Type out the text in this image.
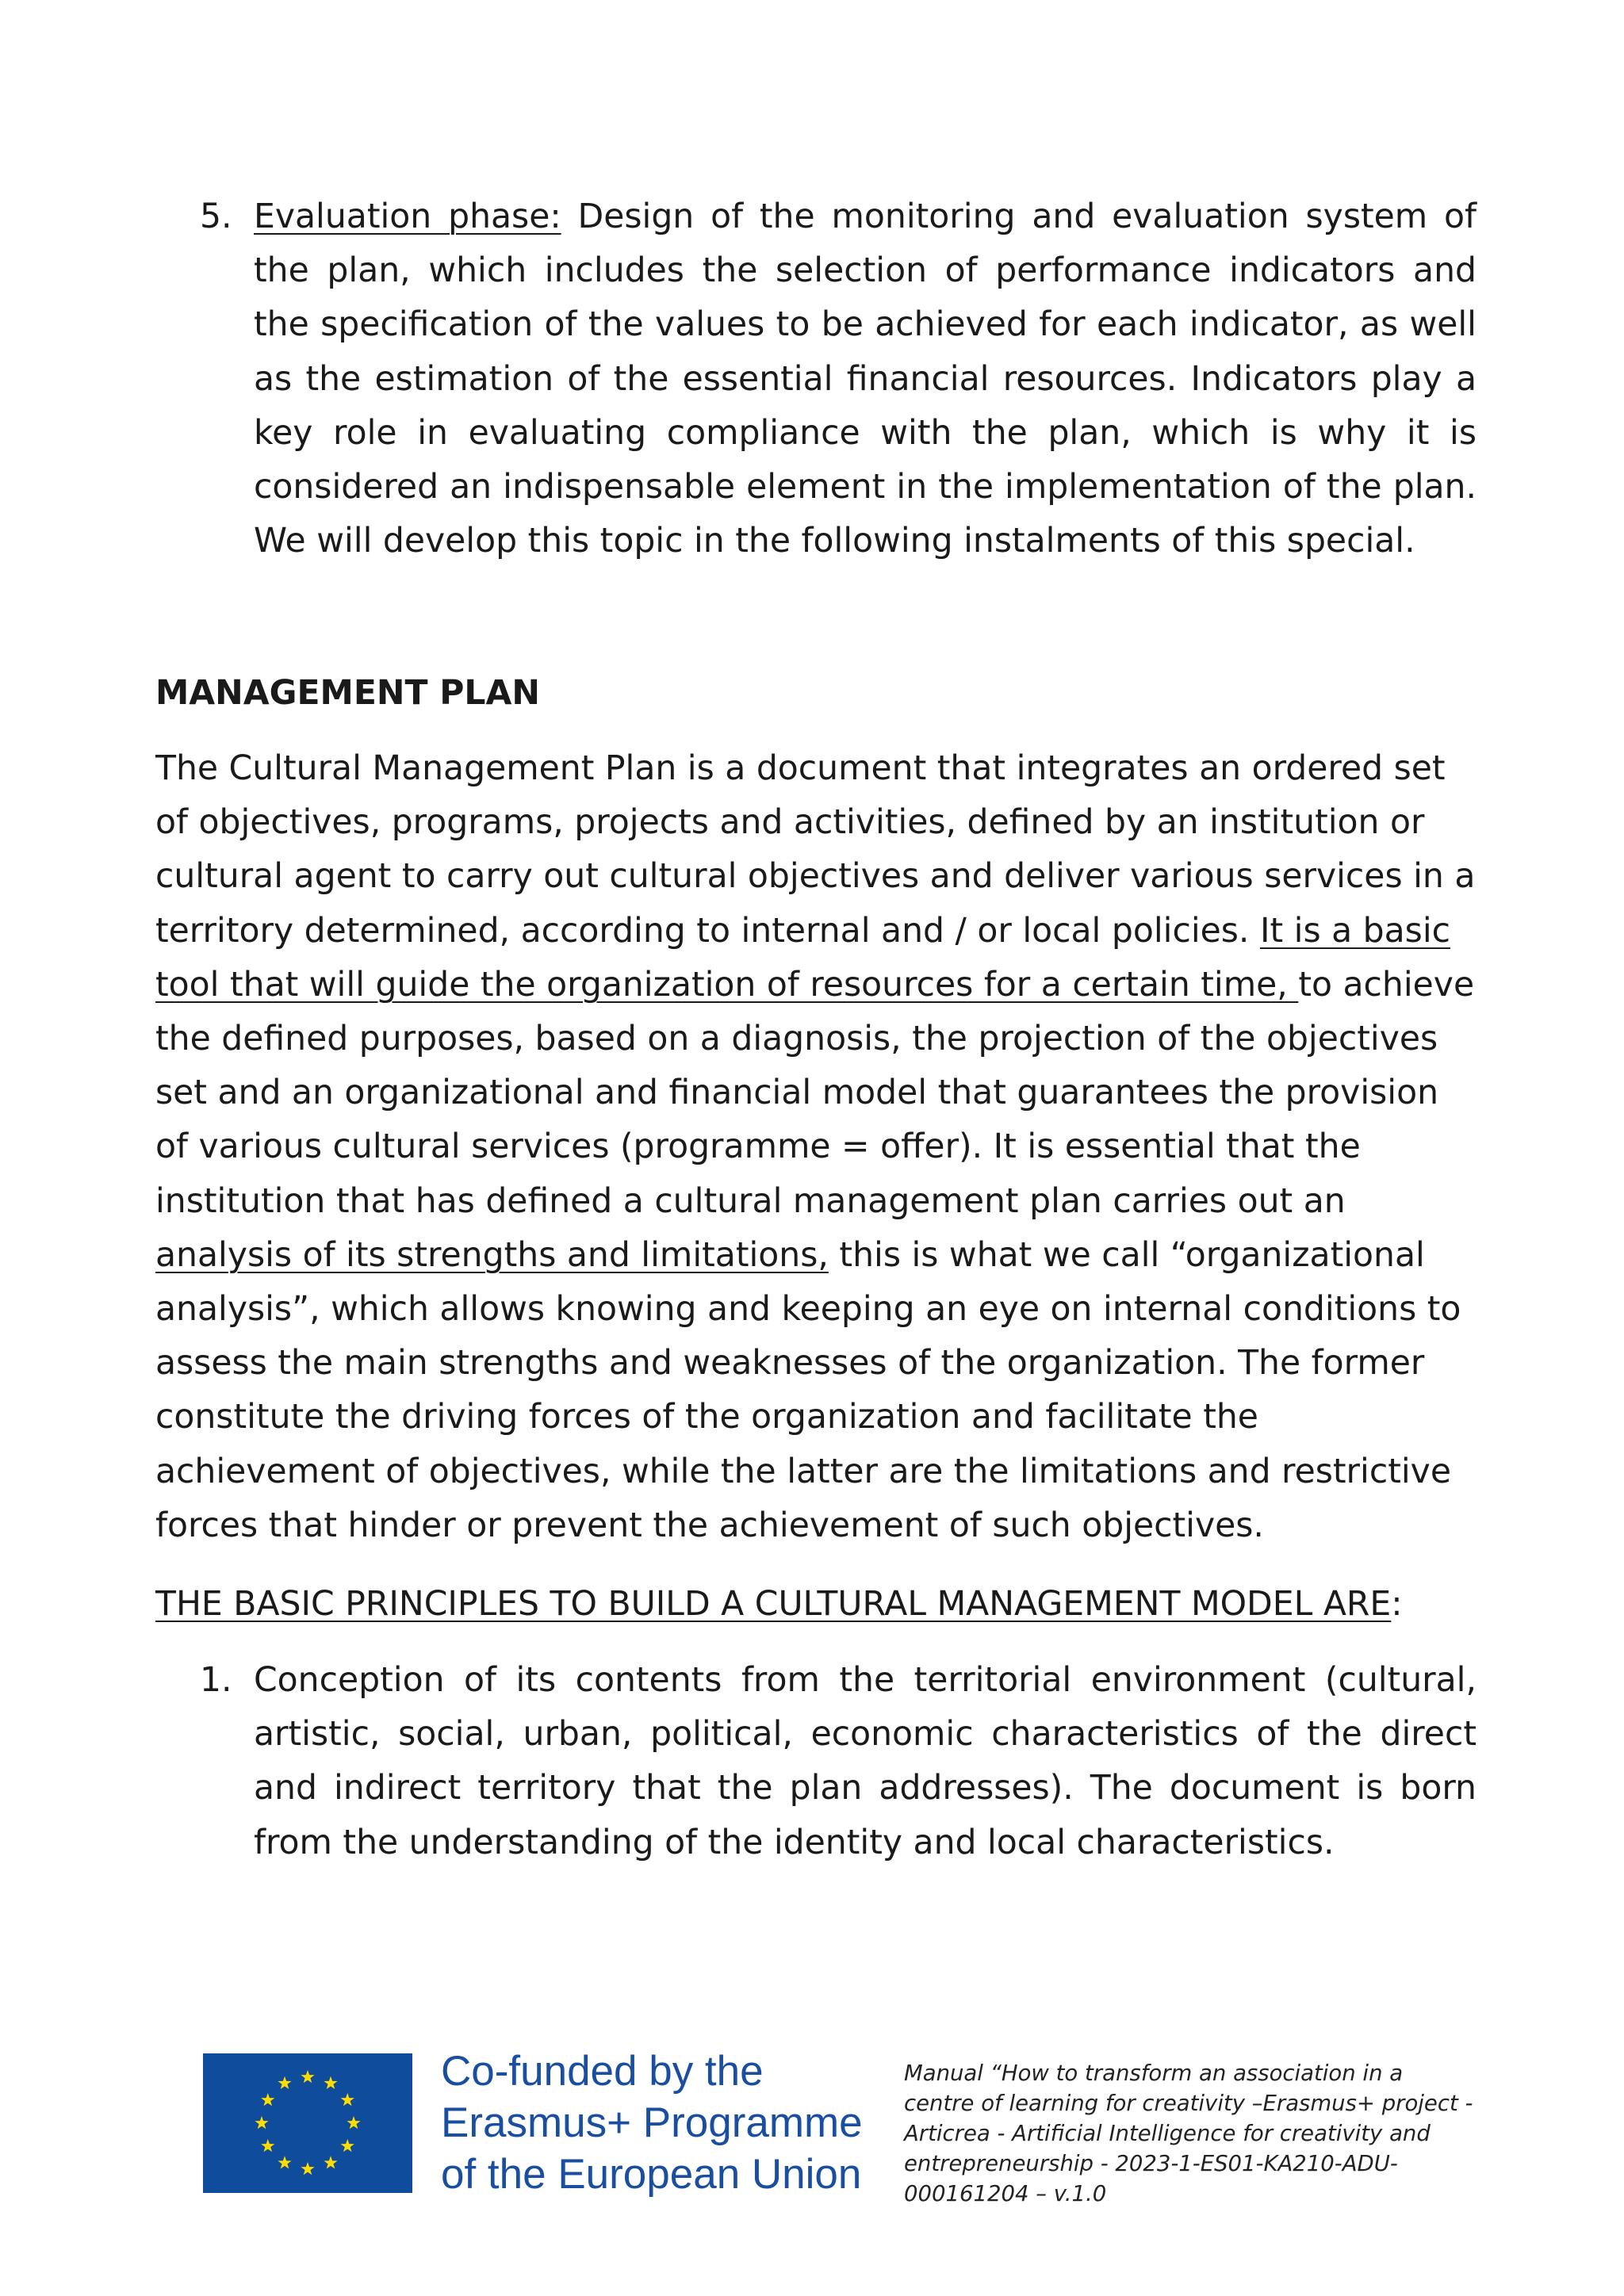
5. Evaluation phase: Design of the monitoring and evaluation system of the plan, which includes the selection of performance indicators and the specification of the values to be achieved for each indicator, as well as the estimation of the essential financial resources. Indicators play a key role in evaluating compliance with the plan, which is why it is considered an indispensable element in the implementation of the plan. We will develop this topic in the following instalments of this special.
MANAGEMENT PLAN

The Cultural Management Plan is a document that integrates an ordered set of objectives, programs, projects and activities, defined by an institution or cultural agent to carry out cultural objectives and deliver various services in a territory determined, according to internal and / or local policies. It is a basic tool that will guide the organization of resources for a certain time, to achieve the defined purposes, based on a diagnosis, the projection of the objectives set and an organizational and financial model that guarantees the provision of various cultural services (programme = offer). It is essential that the institution that has defined a cultural management plan carries out an analysis of its strengths and limitations, this is what we call “organizational analysis”, which allows knowing and keeping an eye on internal conditions to assess the main strengths and weaknesses of the organization. The former constitute the driving forces of the organization and facilitate the achievement of objectives, while the latter are the limitations and restrictive forces that hinder or prevent the achievement of such objectives.

THE BASIC PRINCIPLES TO BUILD A CULTURAL MANAGEMENT MODEL ARE:

1. Conception of its contents from the territorial environment (cultural, artistic, social, urban, political, economic characteristics of the direct and indirect territory that the plan addresses). The document is born from the understanding of the identity and local characteristics.
Co-funded by the
Erasmus+ Programme
of the European Union
Manual “How to transform an association in a centre of learning for creativity –Erasmus+ project - Articrea - Artificial Intelligence for creativity and entrepreneurship - 2023-1-ES01-KA210-ADU-000161204 – v.1.0
